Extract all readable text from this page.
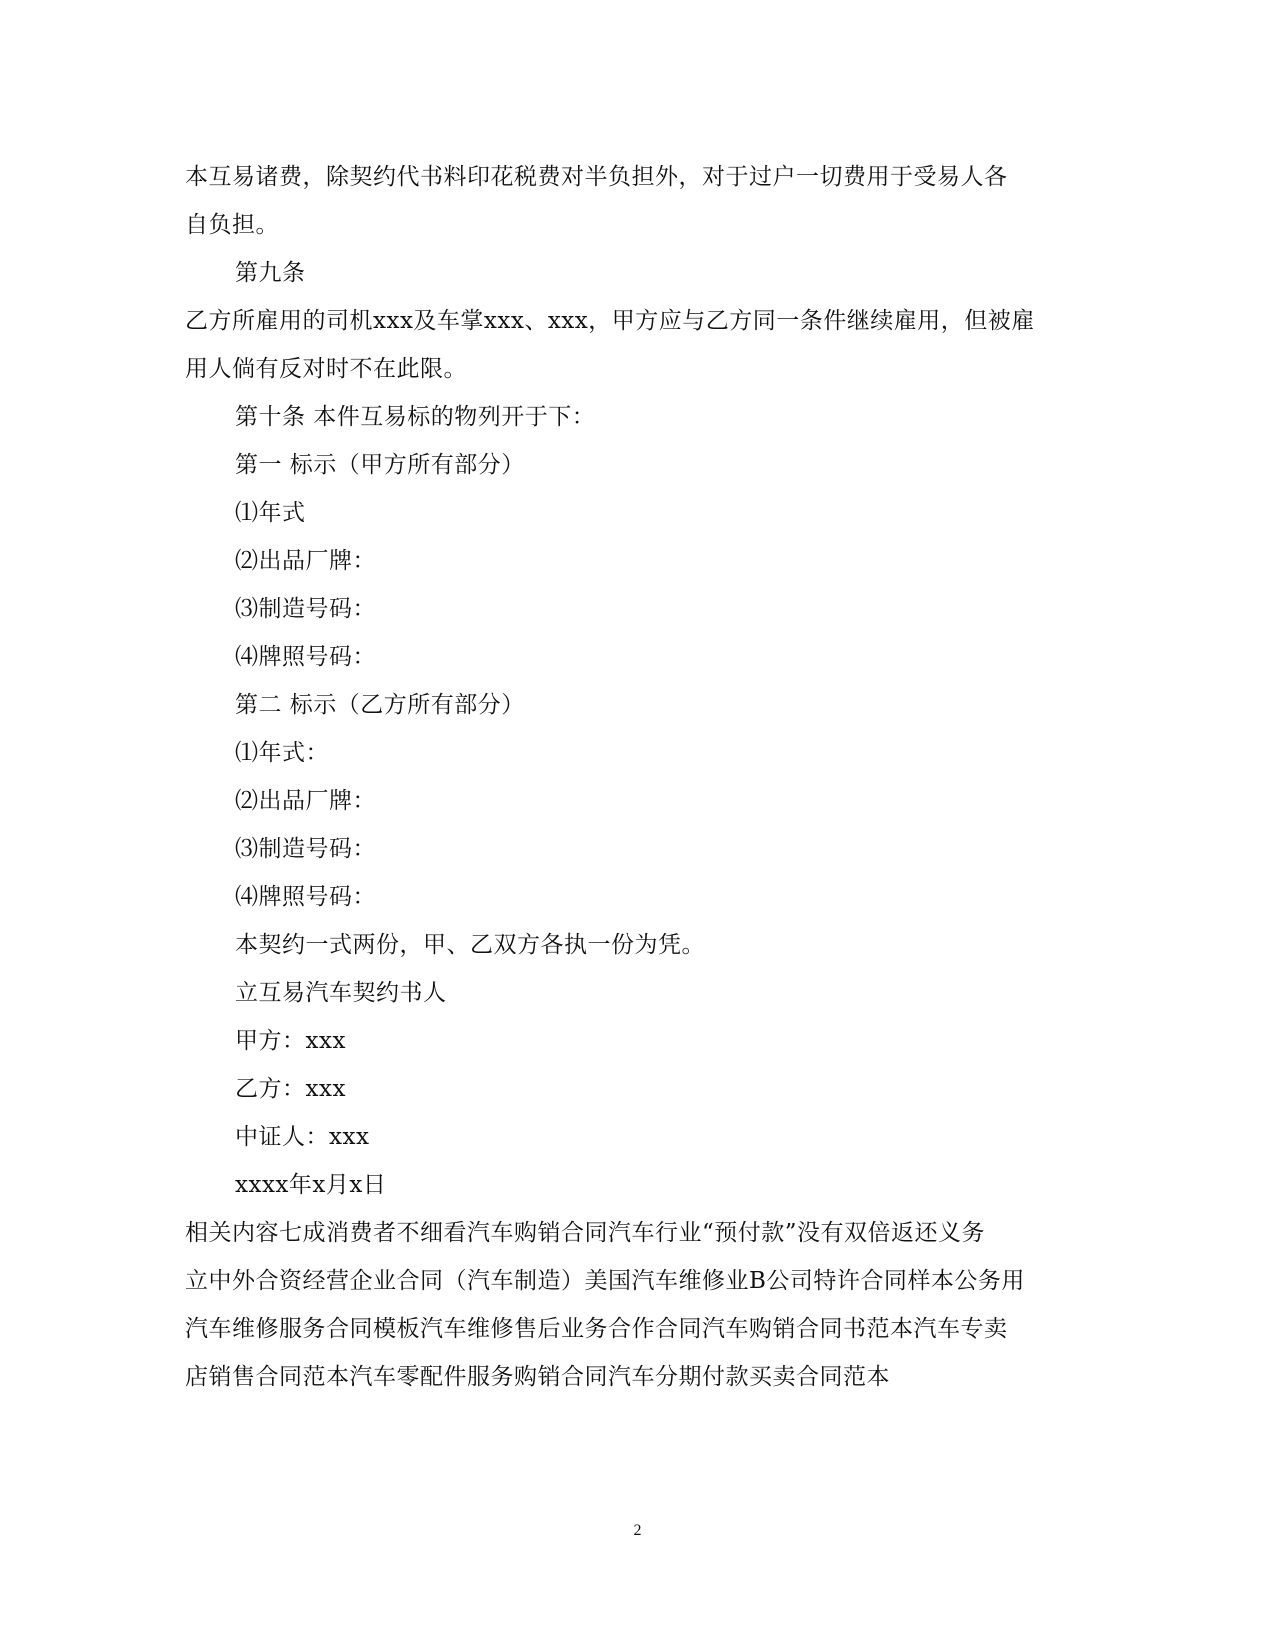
本互易诸费，除契约代书料印花税费对半负担外，对于过户一切费用于受易人各
自负担。
第九条
乙方所雇用的司机xxx及车掌xxx、xxx，甲方应与乙方同一条件继续雇用，但被雇
用人倘有反对时不在此限。
第十条 本件互易标的物列开于下：
第一 标示（甲方所有部分）
⑴年式
⑵出品厂牌：
⑶制造号码：
⑷牌照号码：
第二 标示（乙方所有部分）
⑴年式：
⑵出品厂牌：
⑶制造号码：
⑷牌照号码：
本契约一式两份，甲、乙双方各执一份为凭。
立互易汽车契约书人
甲方：xxx
乙方：xxx
中证人：xxx
xxxx年x月x日
相关内容七成消费者不细看汽车购销合同汽车行业“预付款”没有双倍返还义务
立中外合资经营企业合同（汽车制造）美国汽车维修业B公司特许合同样本公务用
汽车维修服务合同模板汽车维修售后业务合作合同汽车购销合同书范本汽车专卖
店销售合同范本汽车零配件服务购销合同汽车分期付款买卖合同范本
2
